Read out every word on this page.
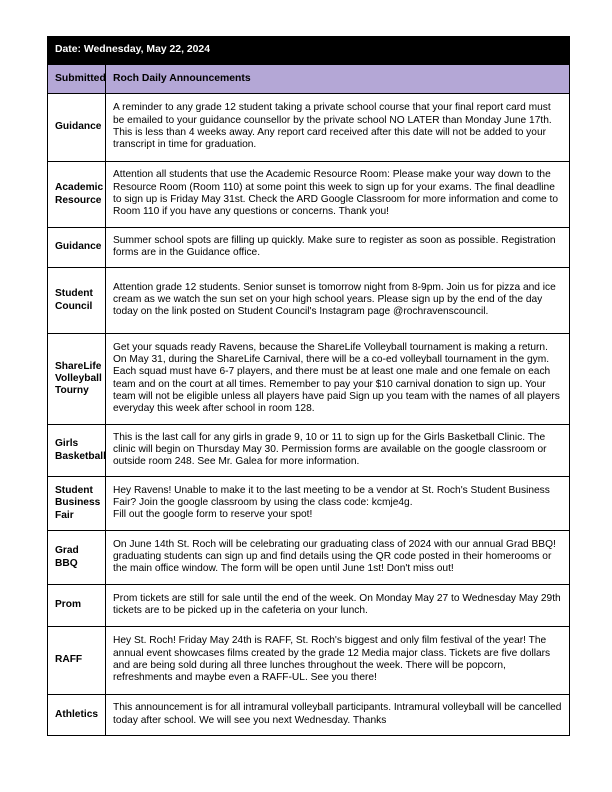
Date: Wednesday, May 22, 2024	
Submitted	Roch Daily Announcements
Guidance	A reminder to any grade 12 student taking a private school course that your final report card must be emailed to your guidance counsellor by the private school NO LATER than Monday June 17th. This is less than 4 weeks away. Any report card received after this date will not be added to your transcript in time for graduation.
Academic Resource	Attention all students that use the Academic Resource Room: Please make your way down to the Resource Room (Room 110) at some point this week to sign up for your exams. The final deadline to sign up is Friday May 31st. Check the ARD Google Classroom for more information and come to Room 110 if you have any questions or concerns. Thank you!
Guidance	Summer school spots are filling up quickly. Make sure to register as soon as possible. Registration forms are in the Guidance office.
Student Council	Attention grade 12 students. Senior sunset is tomorrow night from 8-9pm. Join us for pizza and ice cream as we watch the sun set on your high school years. Please sign up by the end of the day today on the link posted on Student Council's Instagram page @rochravenscouncil.
ShareLife Volleyball Tourny	Get your squads ready Ravens, because the ShareLife Volleyball tournament is making a return. On May 31, during the ShareLife Carnival, there will be a co-ed volleyball tournament in the gym. Each squad must have 6-7 players, and there must be at least one male and one female on each team and on the court at all times. Remember to pay your $10 carnival donation to sign up. Your team will not be eligible unless all players have paid Sign up you team with the names of all players everyday this week after school in room 128.
Girls Basketball	This is the last call for any girls in grade 9, 10 or 11 to sign up for the Girls Basketball Clinic. The clinic will begin on Thursday May 30. Permission forms are available on the google classroom or outside room 248. See Mr. Galea for more information.
Student Business Fair	Hey Ravens! Unable to make it to the last meeting to be a vendor at St. Roch's Student Business Fair? Join the google classroom by using the class code: kcmje4g.
Fill out the google form to reserve your spot!

Grad BBQ	On June 14th St. Roch will be celebrating our graduating class of 2024 with our annual Grad BBQ! graduating students can sign up and find details using the QR code posted in their homerooms or the main office window. The form will be open until June 1st! Don't miss out!
Prom	Prom tickets are still for sale until the end of the week. On Monday May 27 to Wednesday May 29th tickets are to be picked up in the cafeteria on your lunch.
RAFF	Hey St. Roch! Friday May 24th is RAFF, St. Roch's biggest and only film festival of the year! The annual event showcases films created by the grade 12 Media major class. Tickets are five dollars and are being sold during all three lunches throughout the week. There will be popcorn, refreshments and maybe even a RAFF-UL. See you there!
Athletics	This announcement is for all intramural volleyball participants. Intramural volleyball will be cancelled today after school. We will see you next Wednesday. Thanks
